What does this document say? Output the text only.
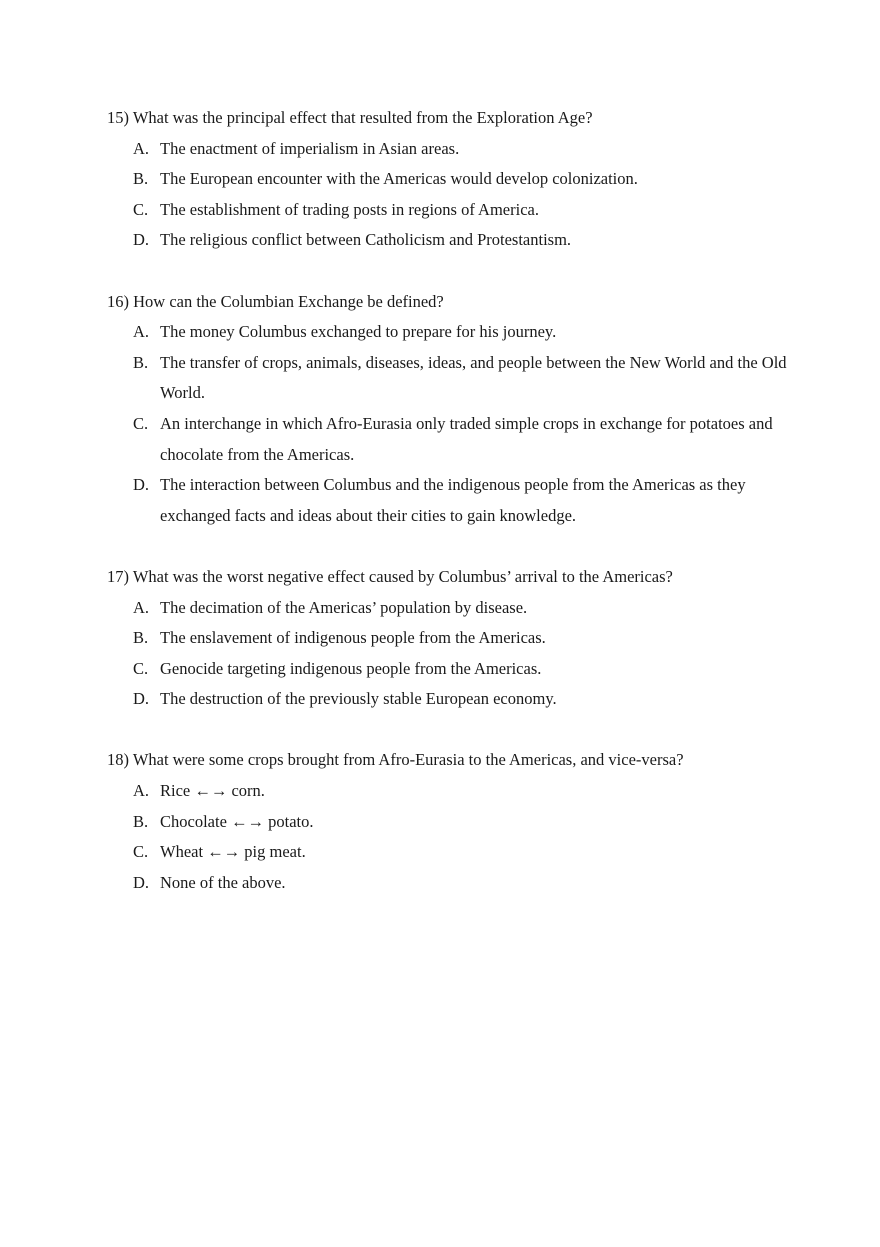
15) What was the principal effect that resulted from the Exploration Age?

A. The enactment of imperialism in Asian areas.
B. The European encounter with the Americas would develop colonization.
C. The establishment of trading posts in regions of America.
D. The religious conflict between Catholicism and Protestantism.

16) How can the Columbian Exchange be defined?

A. The money Columbus exchanged to prepare for his journey.
B. The transfer of crops, animals, diseases, ideas, and people between the New World and the Old World.
C. An interchange in which Afro-Eurasia only traded simple crops in exchange for potatoes and chocolate from the Americas.
D. The interaction between Columbus and the indigenous people from the Americas as they exchanged facts and ideas about their cities to gain knowledge.

17) What was the worst negative effect caused by Columbus’ arrival to the Americas?

A. The decimation of the Americas’ population by disease.
B. The enslavement of indigenous people from the Americas.
C. Genocide targeting indigenous people from the Americas.
D. The destruction of the previously stable European economy.

18) What were some crops brought from Afro-Eurasia to the Americas, and vice-versa?

A. Rice ←→ corn.
B. Chocolate ←→ potato.
C. Wheat ←→ pig meat.
D. None of the above.
